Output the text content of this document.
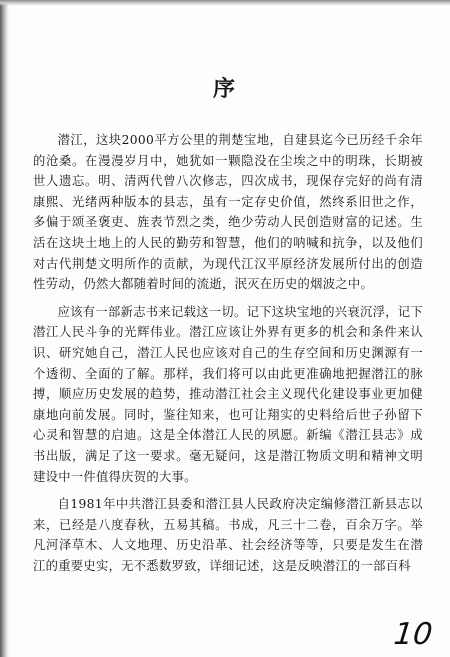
序

潜江，这块2000平方公里的荆楚宝地，自建县迄今已历经千余年的沧桑。在漫漫岁月中，她犹如一颗隐没在尘埃之中的明珠，长期被世人遗忘。明、清两代曾八次修志，四次成书，现保存完好的尚有清康熙、光绪两种版本的县志，虽有一定存史价值，然终系旧世之作，多偏于颂圣褒吏、旌表节烈之类，绝少劳动人民创造财富的记述。生活在这块土地上的人民的勤劳和智慧，他们的呐喊和抗争，以及他们对古代荆楚文明所作的贡献，为现代江汉平原经济发展所付出的创造性劳动，仍然大都随着时间的流逝，泯灭在历史的烟波之中。

应该有一部新志书来记载这一切。记下这块宝地的兴衰沉浮，记下潜江人民斗争的光辉伟业。潜江应该让外界有更多的机会和条件来认识、研究她自己，潜江人民也应该对自己的生存空间和历史渊源有一个透彻、全面的了解。那样，我们将可以由此更准确地把握潜江的脉搏，顺应历史发展的趋势，推动潜江社会主义现代化建设事业更加健康地向前发展。同时，鉴往知来，也可让翔实的史料给后世子孙留下心灵和智慧的启迪。这是全体潜江人民的夙愿。新编《潜江县志》成书出版，满足了这一要求。毫无疑问，这是潜江物质文明和精神文明建设中一件值得庆贺的大事。

自1981年中共潜江县委和潜江县人民政府决定编修潜江新县志以来，已经是八度春秋，五易其稿。书成，凡三十二卷，百余万字。举凡河泽草木、人文地理、历史沿革、社会经济等等，只要是发生在潜江的重要史实，无不悉数罗致，详细记述，这是反映潜江的一部百科

10
